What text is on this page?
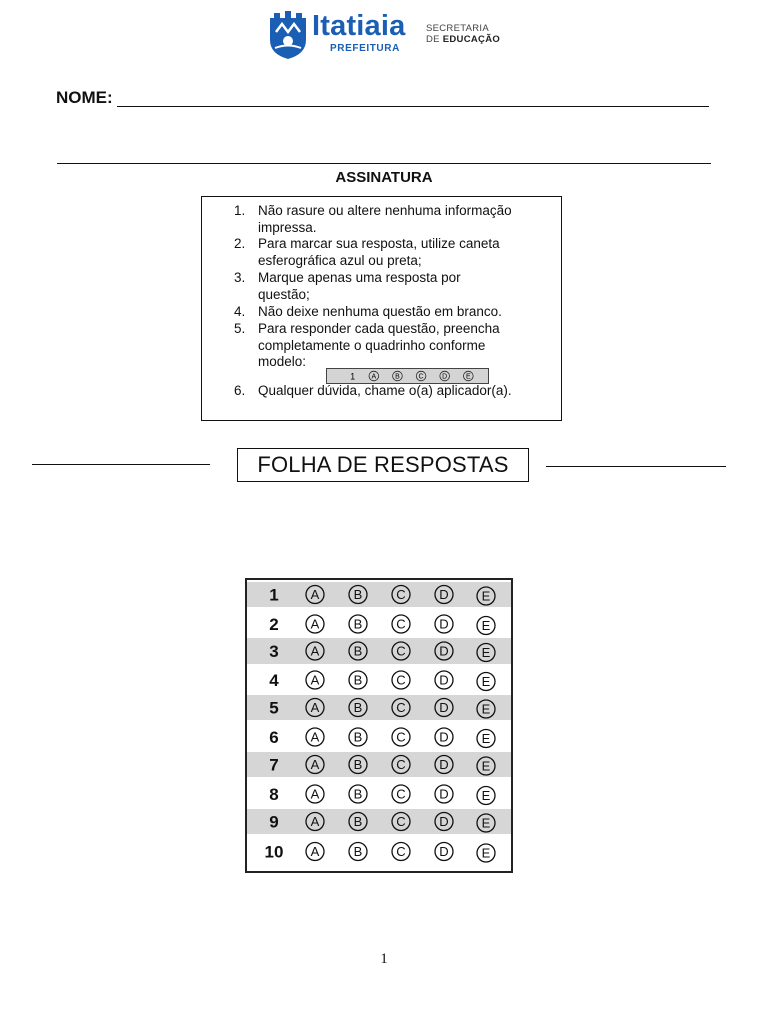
Itatiaia
PREFEITURA
SECRETARIA
DE EDUCAÇÃO
NOME:
ASSINATURA
1. Não rasure ou altere nenhuma informação
impressa.
2. Para marcar sua resposta, utilize caneta
esferográfica azul ou preta;
3. Marque apenas uma resposta por
questão;
4. Não deixe nenhuma questão em branco.
5. Para responder cada questão, preencha
completamente o quadrinho conforme
modelo:
6. Qualquer dúvida, chame o(a) aplicador(a).
1 A B C D E
FOLHA DE RESPOSTAS
1 A	B	C	D	E
2 A	B	C	D	E
3 A	B	C	D	E
4 A	B	C	D	E
5 A	B	C	D	E
6 A	B	C	D	E
7 A	B	C	D	E
8 A	B	C	D	E
9 A	B	C	D	E
10 A	B	C	D	E
1
